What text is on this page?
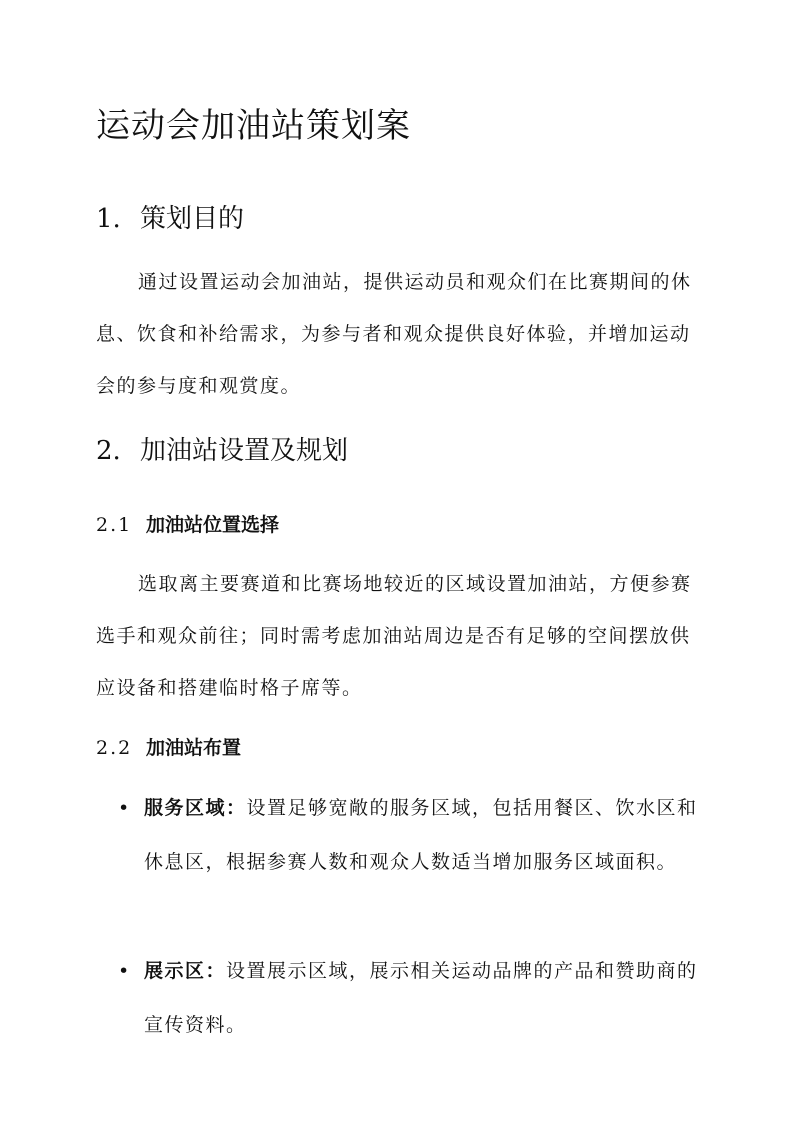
运动会加油站策划案
1. 策划目的

通过设置运动会加油站，提供运动员和观众们在比赛期间的休息、饮食和补给需求，为参与者和观众提供良好体验，并增加运动会的参与度和观赏度。

2. 加油站设置及规划
2.1 加油站位置选择

选取离主要赛道和比赛场地较近的区域设置加油站，方便参赛选手和观众前往；同时需考虑加油站周边是否有足够的空间摆放供应设备和搭建临时格子席等。

2.2 加油站布置
• 服务区域：设置足够宽敞的服务区域，包括用餐区、饮水区和休息区，根据参赛人数和观众人数适当增加服务区域面积。
• 展示区：设置展示区域，展示相关运动品牌的产品和赞助商的宣传资料。
